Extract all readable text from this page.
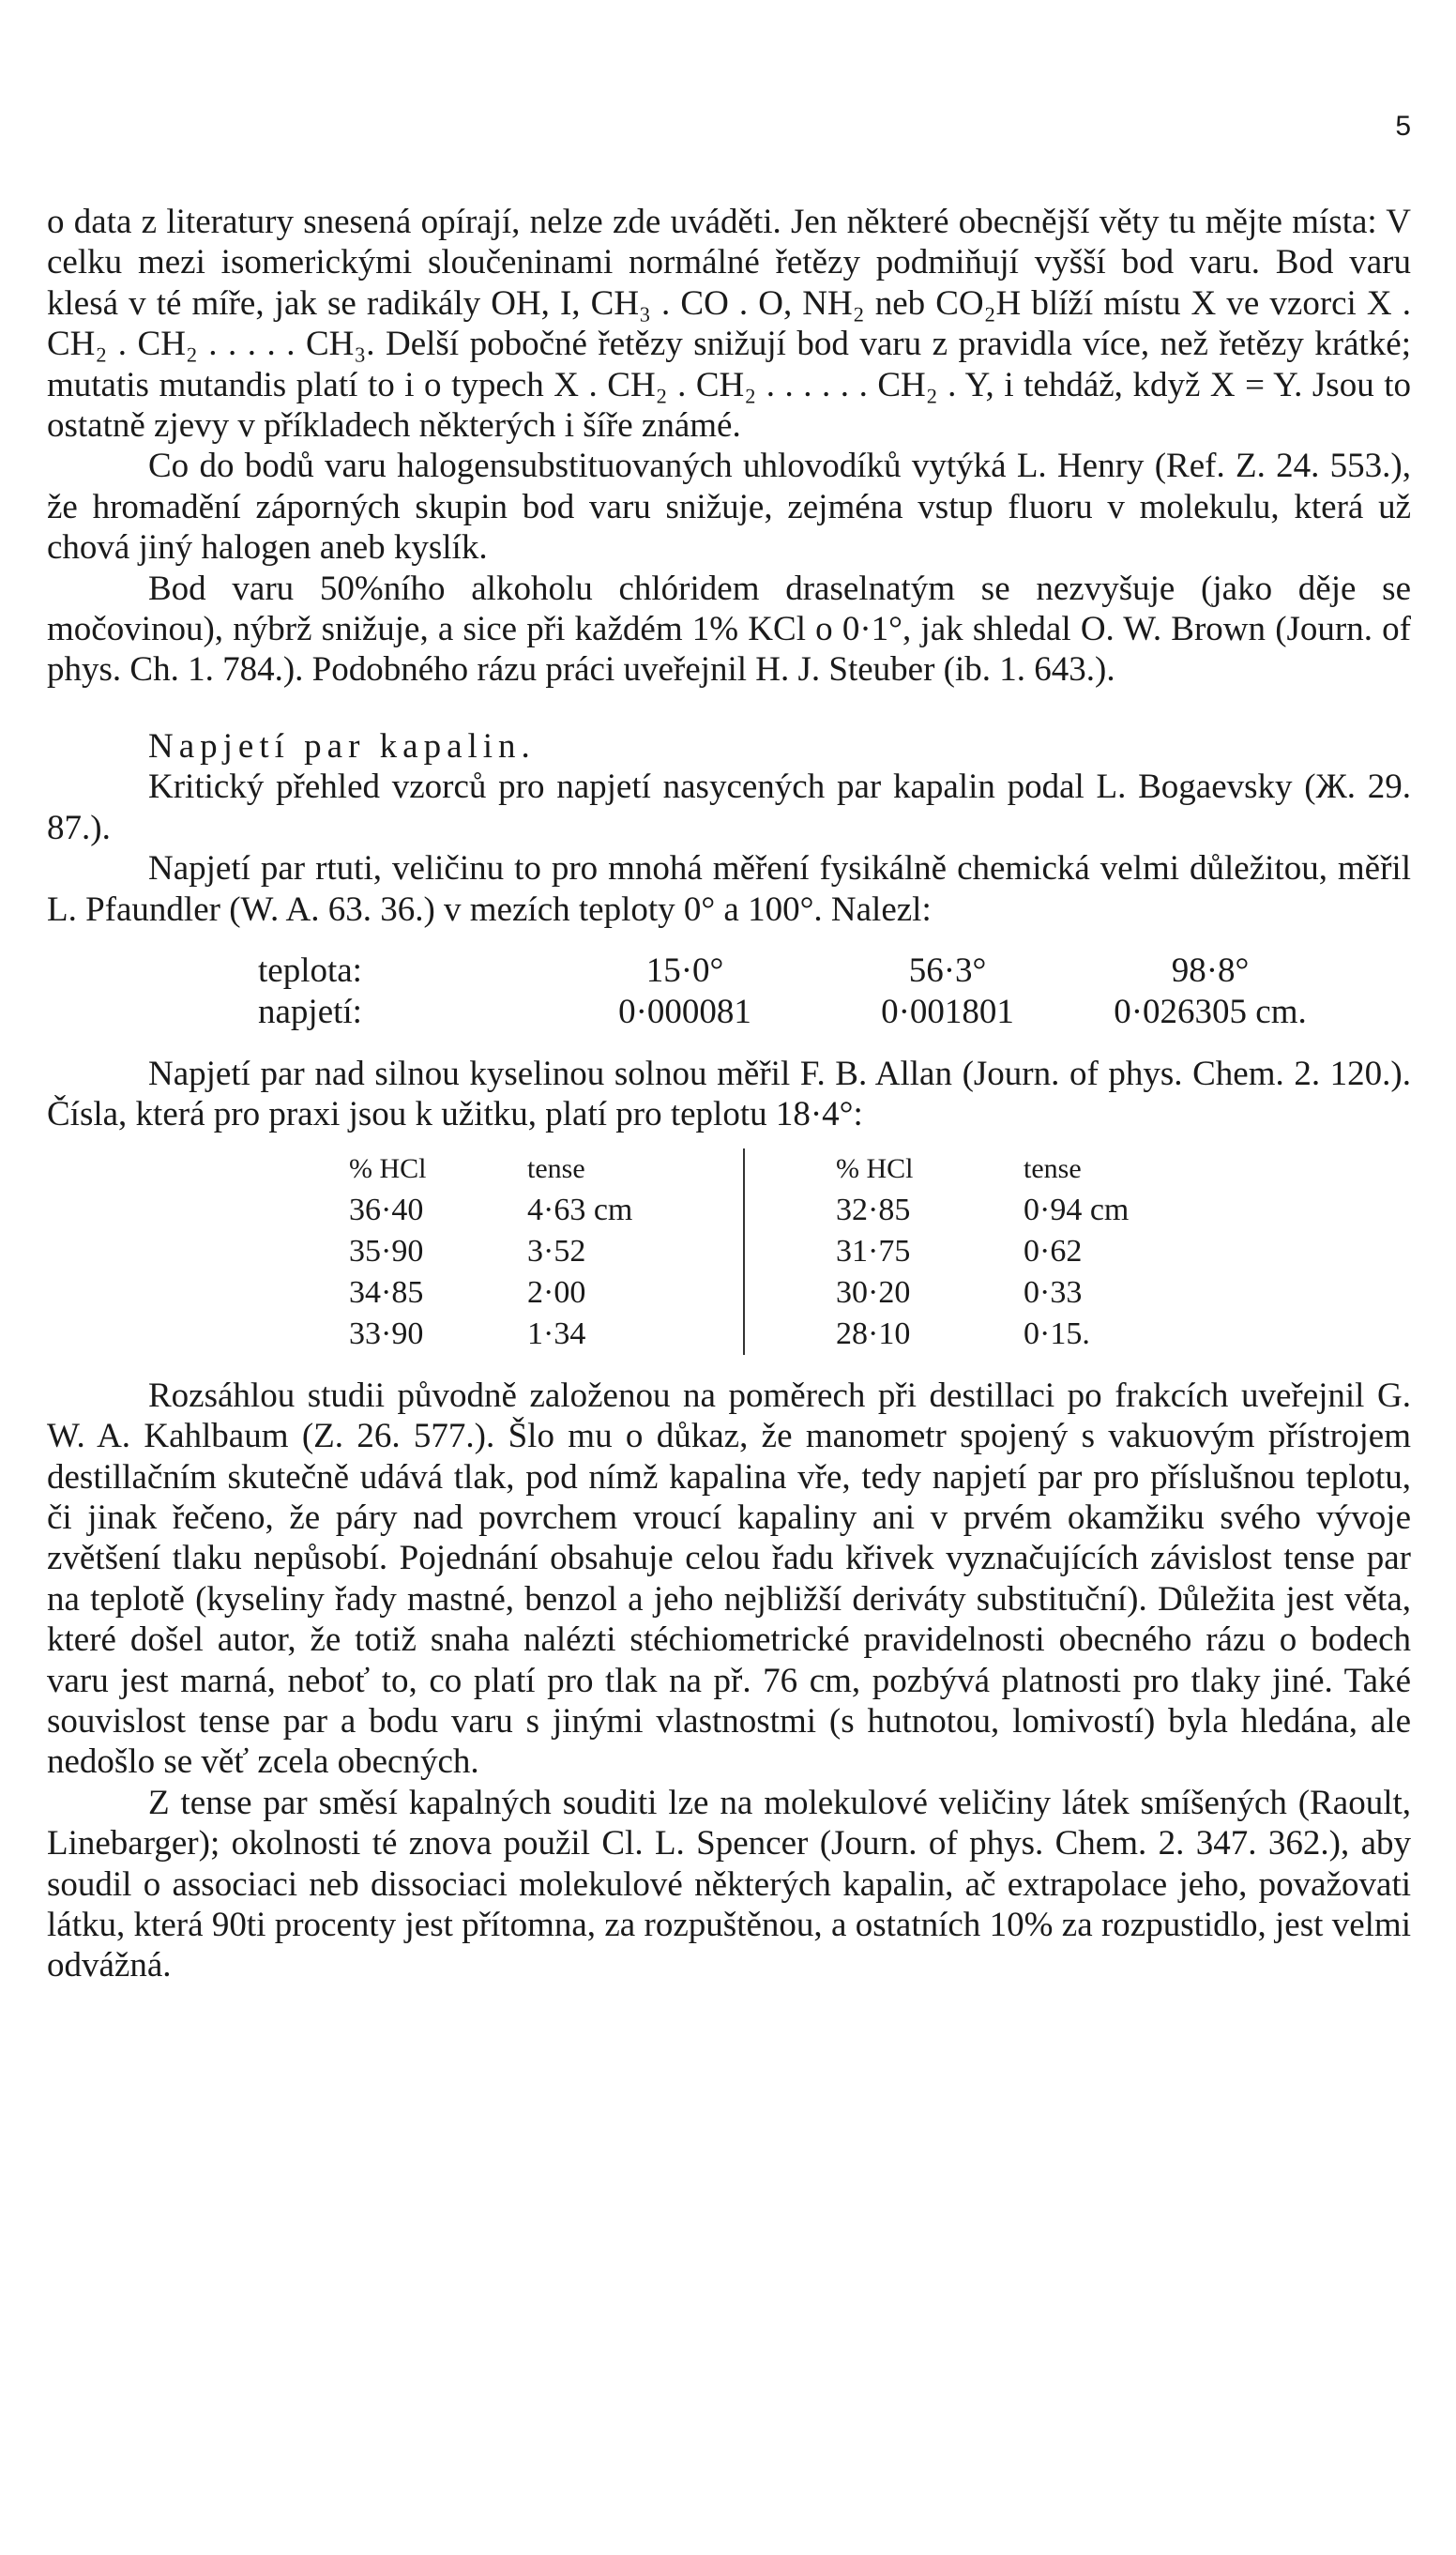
5

o data z literatury snesená opírají, nelze zde uváděti. Jen některé obecnější věty tu mějte místa: V celku mezi isomerickými sloučeninami normálné řetězy podmiňují vyšší bod varu. Bod varu klesá v té míře, jak se radikály OH, I, CH₃ . CO . O, NH₂ neb CO₂H blíží místu X ve vzorci X . CH₂ . CH₂ . . . . . CH₃. Delší pobočné řetězy snižují bod varu z pravidla více, než řetězy krátké; mutatis mutandis platí to i o typech X . CH₂ . CH₂ . . . . . . CH₂ . Y, i tehdáž, když X = Y. Jsou to ostatně zjevy v příkladech některých i šíře známé.

Co do bodů varu halogensubstituovaných uhlovodíků vytýká L. Henry (Ref. Z. 24. 553.), že hromadění záporných skupin bod varu snižuje, zejména vstup fluoru v molekulu, která už chová jiný halogen aneb kyslík.

Bod varu 50%ního alkoholu chlóridem draselnatým se nezvyšuje (jako děje se močovinou), nýbrž snižuje, a sice při každém 1% KCl o 0·1°, jak shledal O. W. Brown (Journ. of phys. Ch. 1. 784.). Podobného rázu práci uveřejnil H. J. Steuber (ib. 1. 643.).

Napjetí par kapalin.

Kritický přehled vzorců pro napjetí nasycených par kapalin podal L. Bogaevsky (Ж. 29. 87.).

Napjetí par rtuti, veličinu to pro mnohá měření fysikálně chemická velmi důležitou, měřil L. Pfaundler (W. A. 63. 36.) v mezích teploty 0° a 100°. Nalezl:

teplota:	15·0°	56·3°	98·8°
napjetí:	0·000081	0·001801	0·026305 cm.

Napjetí par nad silnou kyselinou solnou měřil F. B. Allan (Journ. of phys. Chem. 2. 120.). Čísla, která pro praxi jsou k užitku, platí pro teplotu 18·4°:

% HCl	tense		% HCl	tense
36·40	4·63 cm		32·85	0·94 cm
35·90	3·52		31·75	0·62
34·85	2·00		30·20	0·33
33·90	1·34		28·10	0·15.

Rozsáhlou studii původně založenou na poměrech při destillaci po frakcích uveřejnil G. W. A. Kahlbaum (Z. 26. 577.). Šlo mu o důkaz, že manometr spojený s vakuovým přístrojem destillačním skutečně udává tlak, pod nímž kapalina vře, tedy napjetí par pro příslušnou teplotu, či jinak řečeno, že páry nad povrchem vroucí kapaliny ani v prvém okamžiku svého vývoje zvětšení tlaku nepůsobí. Pojednání obsahuje celou řadu křivek vyznačujících závislost tense par na teplotě (kyseliny řady mastné, benzol a jeho nejbližší deriváty substituční). Důležita jest věta, které došel autor, že totiž snaha nalézti stéchiometrické pravidelnosti obecného rázu o bodech varu jest marná, neboť to, co platí pro tlak na př. 76 cm, pozbývá platnosti pro tlaky jiné. Také souvislost tense par a bodu varu s jinými vlastnostmi (s hutnotou, lomivostí) byla hledána, ale nedošlo se věť zcela obecných.

Z tense par směsí kapalných souditi lze na molekulové veličiny látek smíšených (Raoult, Linebarger); okolnosti té znova použil Cl. L. Spencer (Journ. of phys. Chem. 2. 347. 362.), aby soudil o associaci neb dissociaci molekulové některých kapalin, ač extrapolace jeho, považovati látku, která 90ti procenty jest přítomna, za rozpuštěnou, a ostatních 10% za rozpustidlo, jest velmi odvážná.
